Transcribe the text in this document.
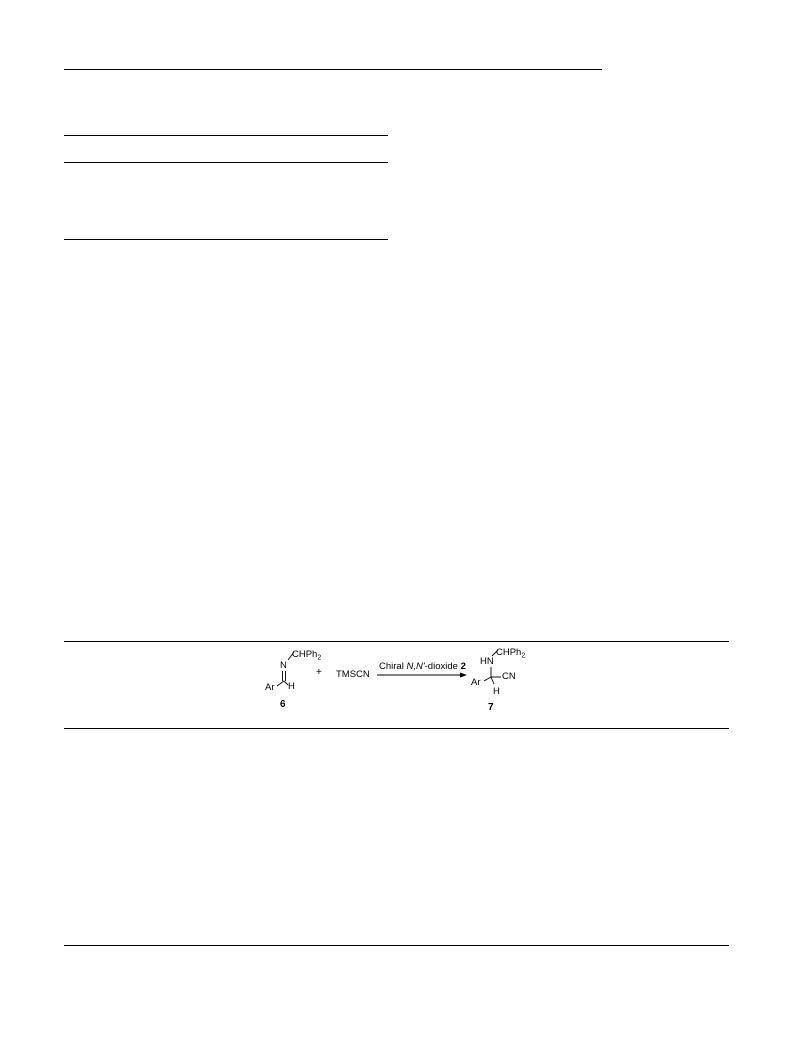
CHPh$_2$
N
Ar H
6
+ TMSCN
Chiral N,N'-dioxide 2
CHPh$_2$
HN
Ar
CN
H
7
